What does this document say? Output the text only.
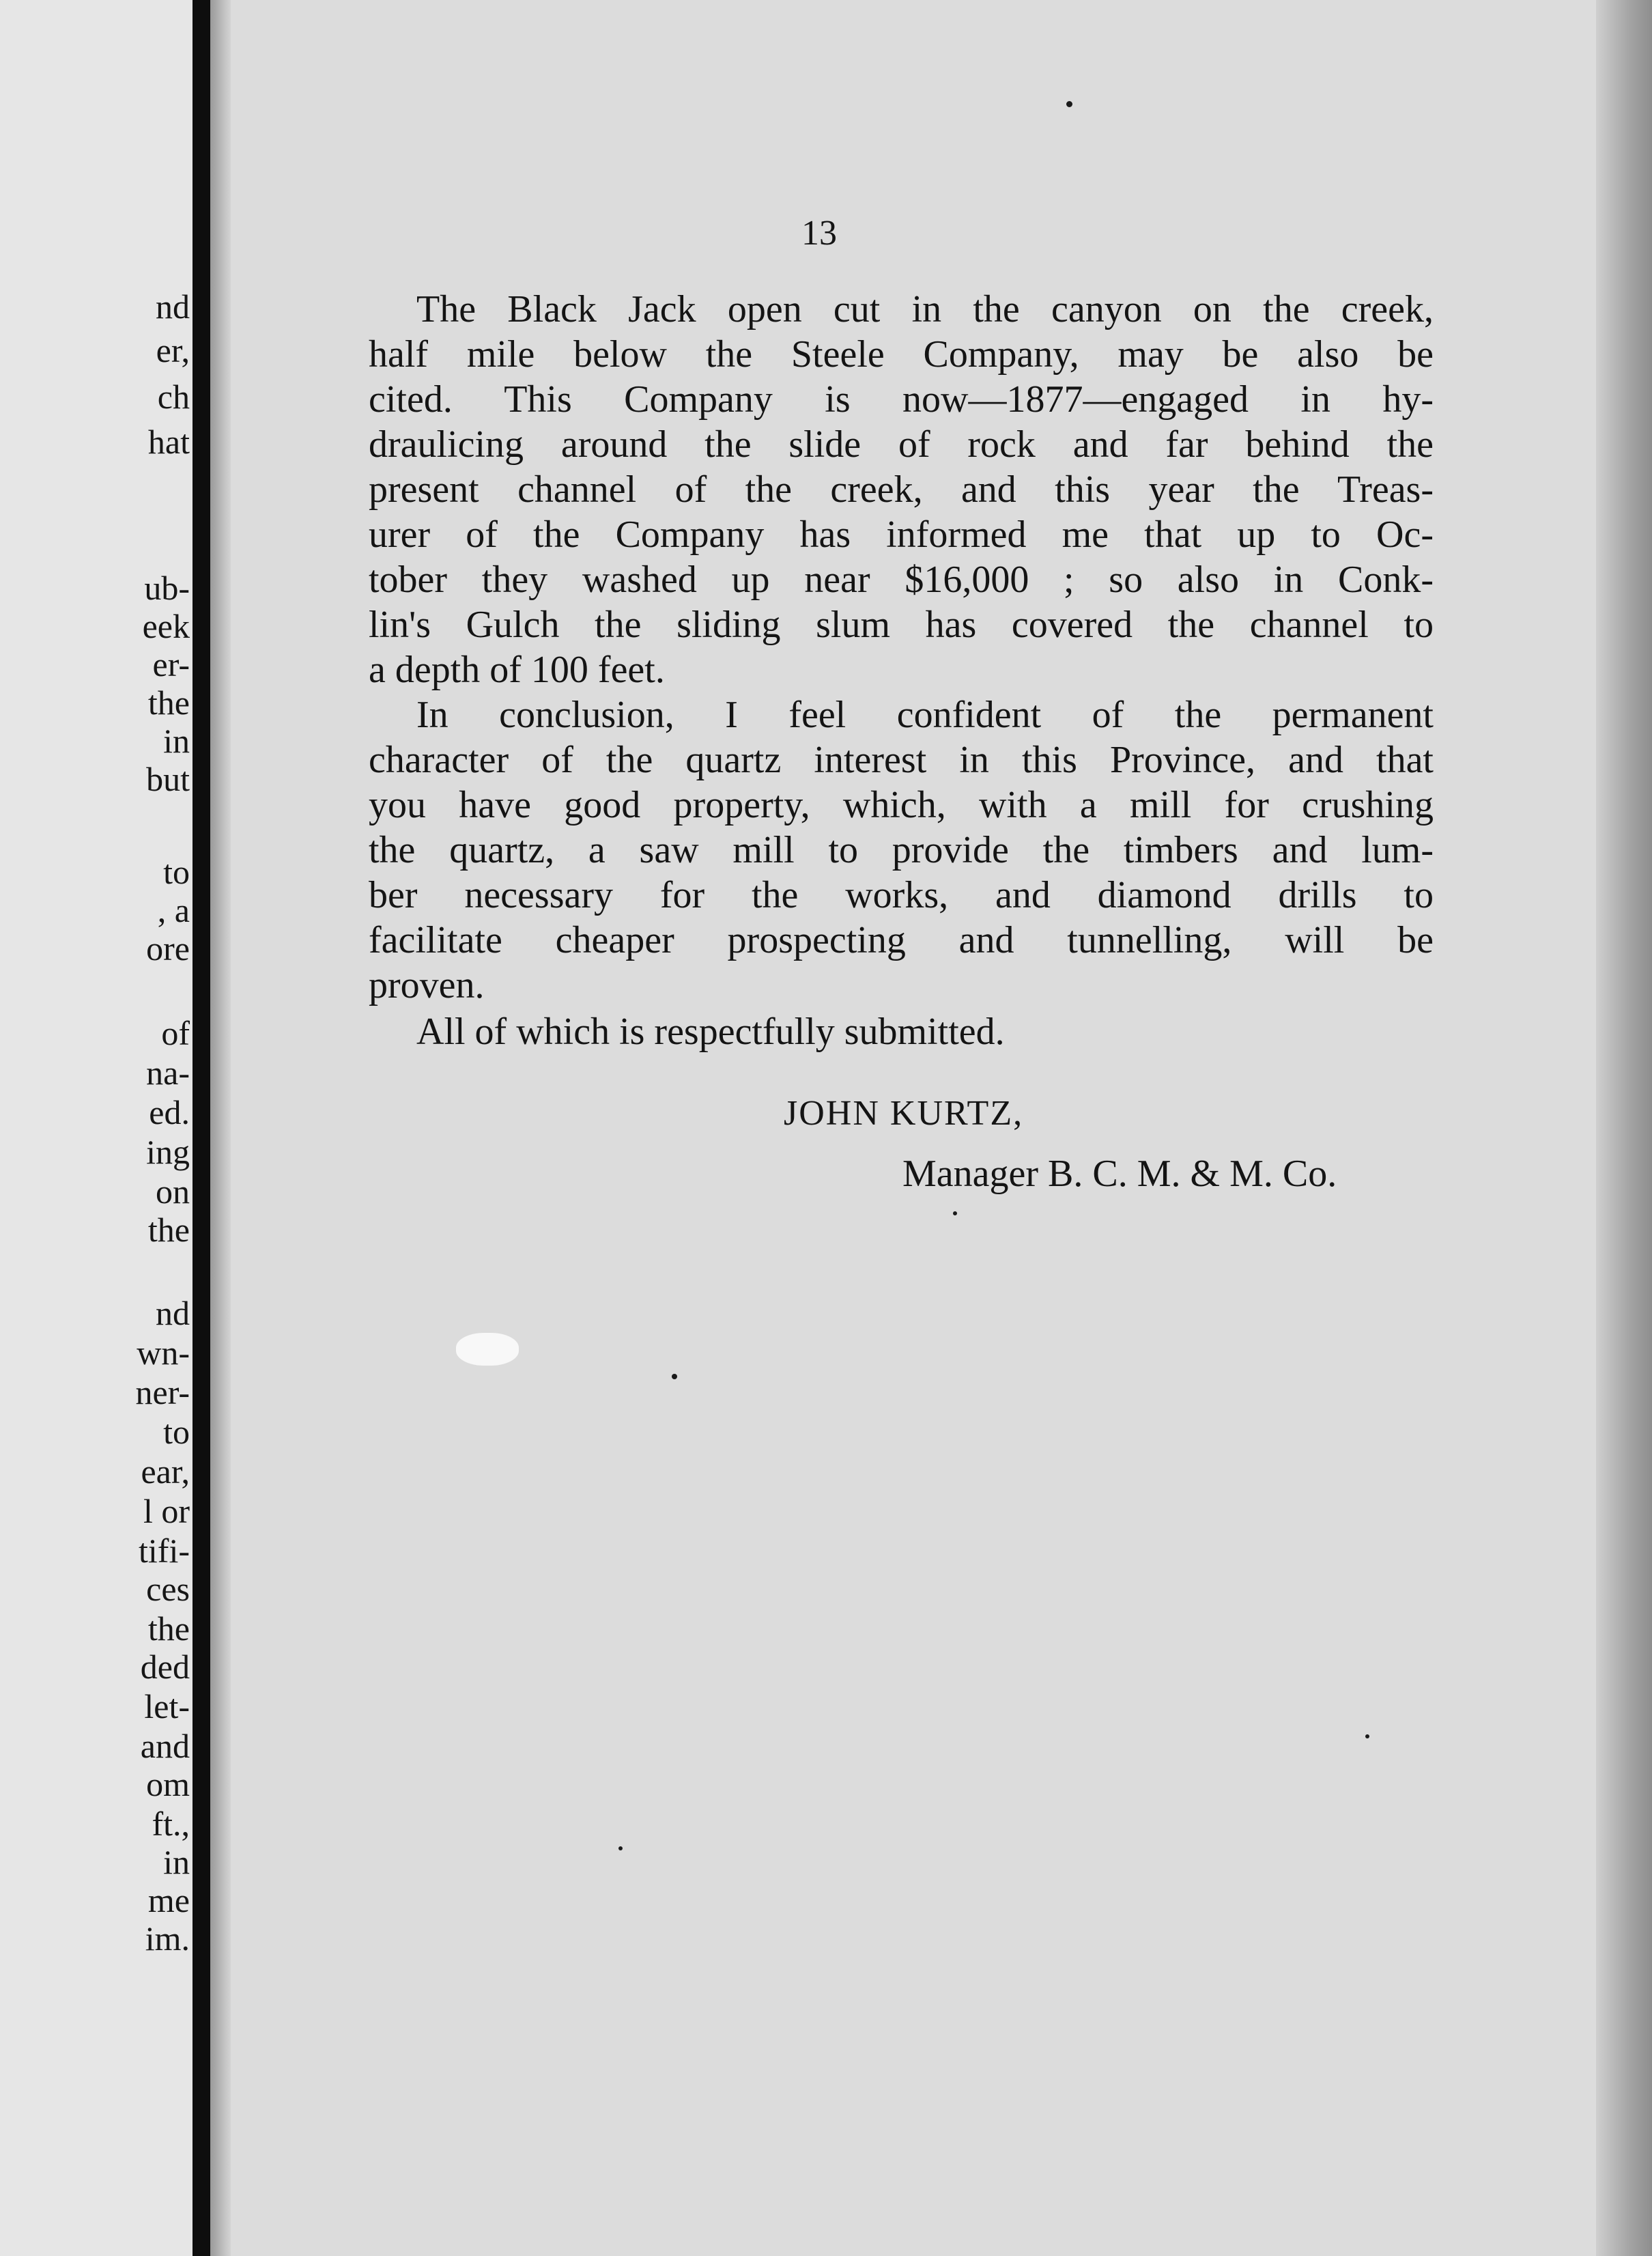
nd
er,
ch
hat
ub-
eek
er-
the
in
but
to
, a
ore
of
na-
ed.
ing
on
the
nd
wn-
ner-
to
ear,
l or
tifi-
ces
the
ded
let-
and
om
ft.,
in
me
im.
13
The Black Jack open cut in the canyon on the creek,
half mile below the Steele Company, may be also be
cited. This Company is now—1877—engaged in hy-
draulicing around the slide of rock and far behind the
present channel of the creek, and this year the Treas-
urer of the Company has informed me that up to Oc-
tober they washed up near $16,000 ; so also in Conk-
lin's Gulch the sliding slum has covered the channel to
a depth of 100 feet.
In conclusion, I feel confident of the permanent
character of the quartz interest in this Province, and that
you have good property, which, with a mill for crushing
the quartz, a saw mill to provide the timbers and lum-
ber necessary for the works, and diamond drills to
facilitate cheaper prospecting and tunnelling, will be
proven.
All of which is respectfully submitted.
JOHN KURTZ,
Manager B. C. M. & M. Co.
